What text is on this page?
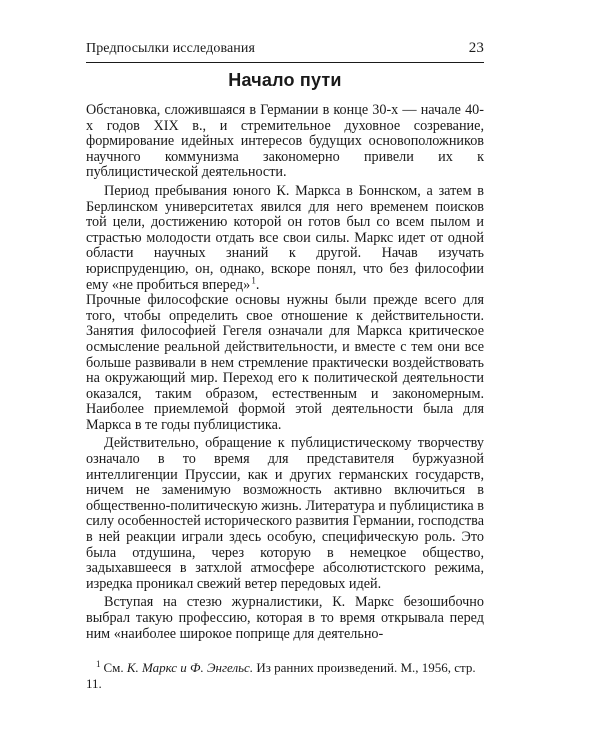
Предпосылки исследования	23
Начало пути

Обстановка, сложившаяся в Германии в конце 30-х — начале 40-х годов XIX в., и стремительное духовное созревание, формирование идейных интересов будущих основоположников научного коммунизма закономерно привели их к публицистической деятельности.

Период пребывания юного К. Маркса в Боннском, а затем в Берлинском университетах явился для него временем поисков той цели, достижению которой он готов был со всем пылом и страстью молодости отдать все свои силы. Маркс идет от одной области научных знаний к другой. Начав изучать юриспруденцию, он, однако, вскоре понял, что без философии ему «не пробиться вперед» $^1$.

Прочные философские основы нужны были прежде всего для того, чтобы определить свое отношение к действительности. Занятия философией Гегеля означали для Маркса критическое осмысление реальной действительности, и вместе с тем они все больше развивали в нем стремление практически воздействовать на окружающий мир. Переход его к политической деятельности оказался, таким образом, естественным и закономерным. Наиболее приемлемой формой этой деятельности была для Маркса в те годы публицистика.

Действительно, обращение к публицистическому творчеству означало в то время для представителя буржуазной интеллигенции Пруссии, как и других германских государств, ничем не заменимую возможность активно включиться в общественно-политическую жизнь. Литература и публицистика в силу особенностей исторического развития Германии, господства в ней реакции играли здесь особую, специфическую роль. Это была отдушина, через которую в немецкое общество, задыхавшееся в затхлой атмосфере абсолютистского режима, изредка проникал свежий ветер передовых идей.

Вступая на стезю журналистики, К. Маркс безошибочно выбрал такую профессию, которая в то время открывала перед ним «наиболее широкое поприще для деятельно-

$^1$ См. К. Маркс и Ф. Энгельс. Из ранних произведений. М., 1956, стр. 11.
